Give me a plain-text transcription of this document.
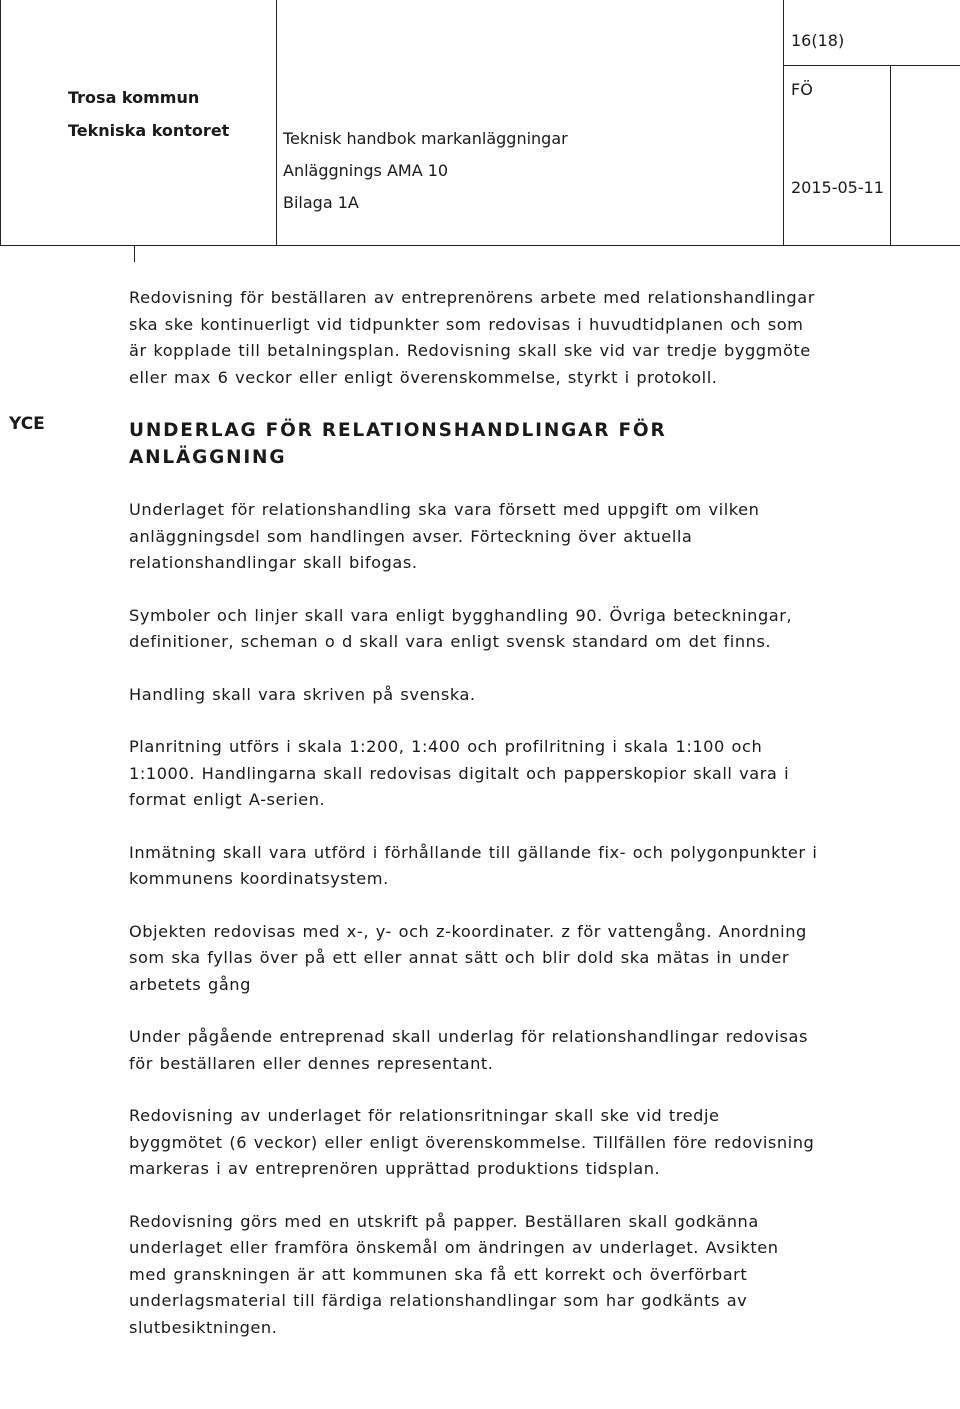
Trosa kommun
Tekniska kontoret	Teknisk handbok markanläggningar
Anläggnings AMA 10
Bilaga 1A
16(18)
FÖ
2015-05-11
YCE

Redovisning för beställaren av entreprenörens arbete med relationshandlingar

ska ske kontinuerligt vid tidpunkter som redovisas i huvudtidplanen och som

är kopplade till betalningsplan. Redovisning skall ske vid var tredje byggmöte

eller max 6 veckor eller enligt överenskommelse, styrkt i protokoll.

UNDERLAG FÖR RELATIONSHANDLINGAR FÖR

ANLÄGGNING

Underlaget för relationshandling ska vara försett med uppgift om vilken

anläggningsdel som handlingen avser. Förteckning över aktuella

relationshandlingar skall bifogas.

Symboler och linjer skall vara enligt bygghandling 90. Övriga beteckningar,

definitioner, scheman o d skall vara enligt svensk standard om det finns.

Handling skall vara skriven på svenska.

Planritning utförs i skala 1:200, 1:400 och profilritning i skala 1:100 och

1:1000. Handlingarna skall redovisas digitalt och papperskopior skall vara i

format enligt A-serien.

Inmätning skall vara utförd i förhållande till gällande fix- och polygonpunkter i

kommunens koordinatsystem.

Objekten redovisas med x-, y- och z-koordinater. z för vattengång. Anordning

som ska fyllas över på ett eller annat sätt och blir dold ska mätas in under

arbetets gång

Under pågående entreprenad skall underlag för relationshandlingar redovisas

för beställaren eller dennes representant.

Redovisning av underlaget för relationsritningar skall ske vid tredje

byggmötet (6 veckor) eller enligt överenskommelse. Tillfällen före redovisning

markeras i av entreprenören upprättad produktions tidsplan.

Redovisning görs med en utskrift på papper. Beställaren skall godkänna

underlaget eller framföra önskemål om ändringen av underlaget. Avsikten

med granskningen är att kommunen ska få ett korrekt och överförbart

underlagsmaterial till färdiga relationshandlingar som har godkänts av

slutbesiktningen.
